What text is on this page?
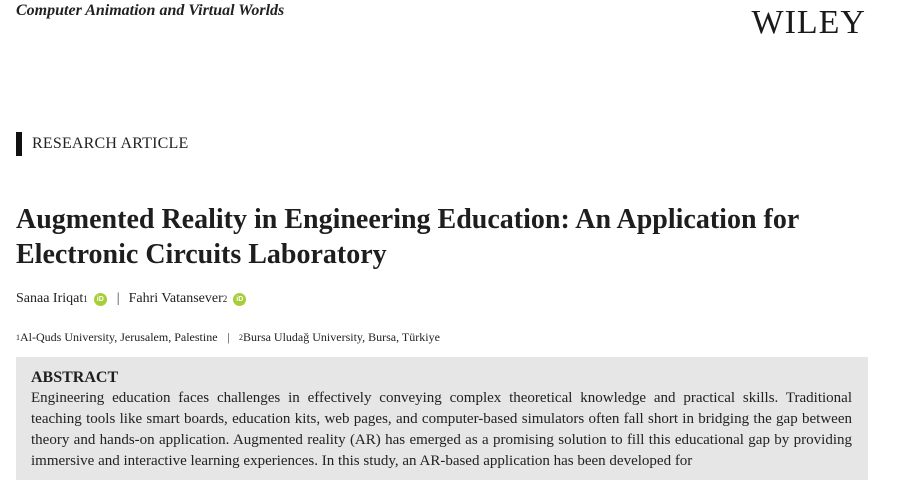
Computer Animation and Virtual Worlds	WILEY
RESEARCH ARTICLE
Augmented Reality in Engineering Education: An Application for Electronic Circuits Laboratory
Sanaa Iriqat 1	iD | Fahri Vatansever 2	iD
1 Al-Quds University, Jerusalem, Palestine | 2 Bursa Uludağ University, Bursa, Türkiye
ABSTRACT

Engineering education faces challenges in effectively conveying complex theoretical knowledge and practical skills. Traditional teaching tools like smart boards, education kits, web pages, and computer-based simulators often fall short in bridging the gap between theory and hands-on application. Augmented reality (AR) has emerged as a promising solution to fill this educational gap by providing immersive and interactive learning experiences. In this study, an AR-based application has been developed for
